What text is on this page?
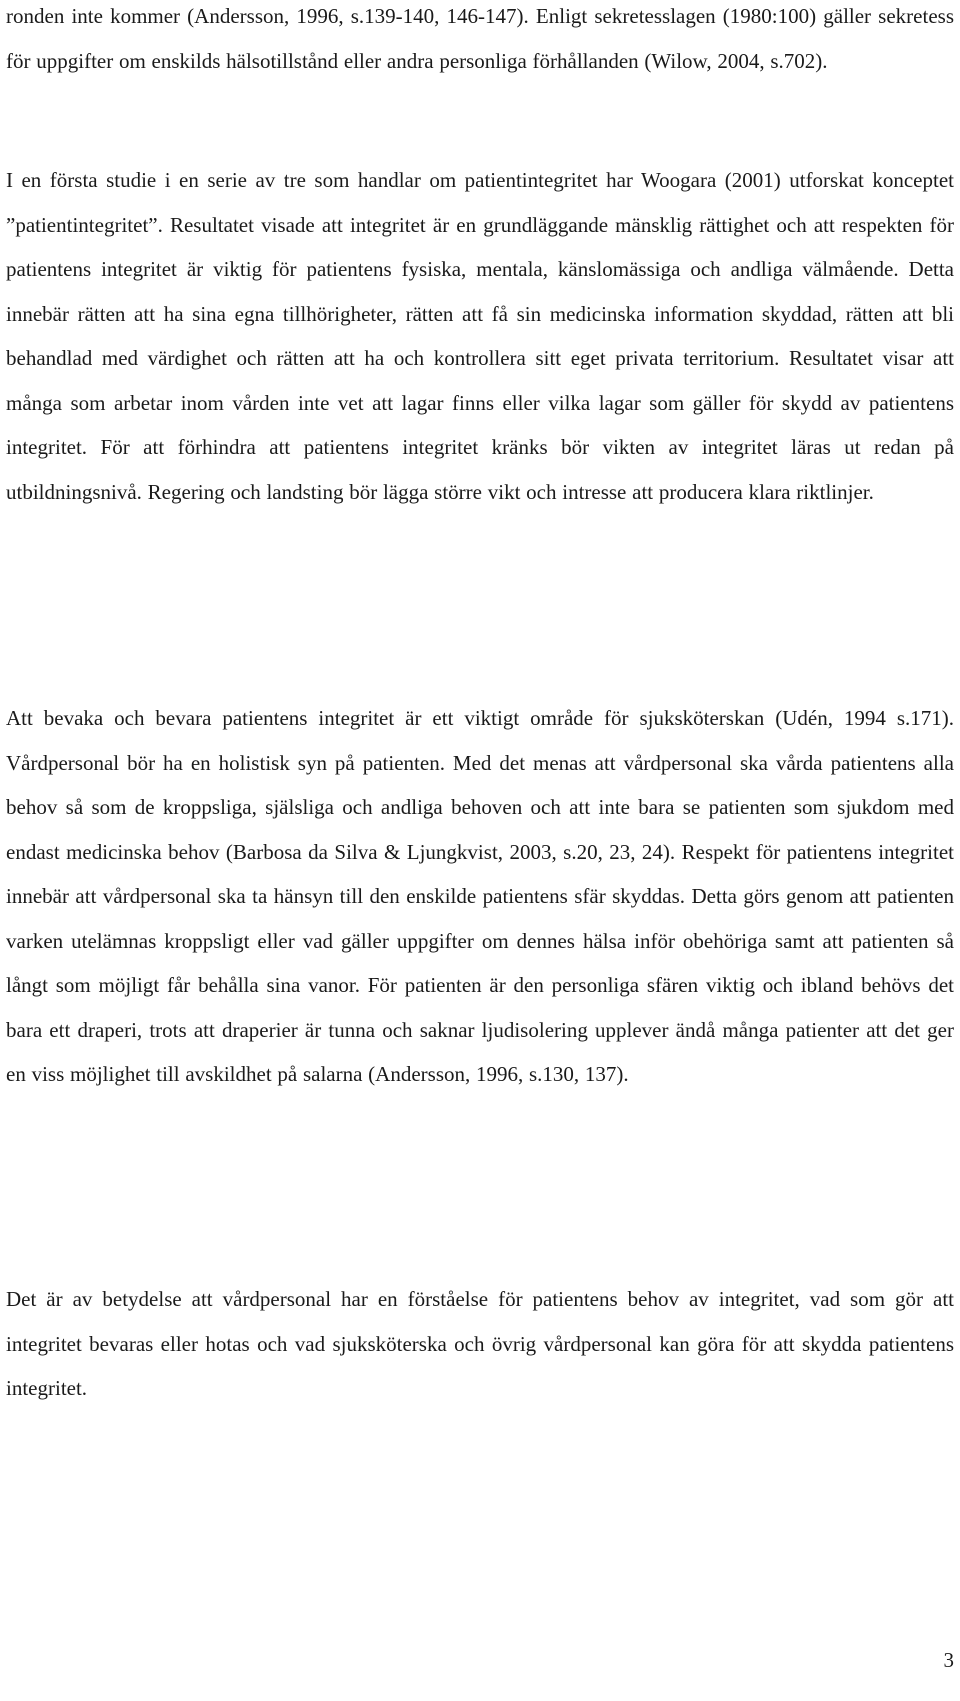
ronden inte kommer (Andersson, 1996, s.139-140, 146-147). Enligt sekretesslagen (1980:100) gäller sekretess för uppgifter om enskilds hälsotillstånd eller andra personliga förhållanden (Wilow, 2004, s.702).

I en första studie i en serie av tre som handlar om patientintegritet har Woogara (2001) utforskat konceptet ”patientintegritet”. Resultatet visade att integritet är en grundläggande mänsklig rättighet och att respekten för patientens integritet är viktig för patientens fysiska, mentala, känslomässiga och andliga välmående. Detta innebär rätten att ha sina egna tillhörigheter, rätten att få sin medicinska information skyddad, rätten att bli behandlad med värdighet och rätten att ha och kontrollera sitt eget privata territorium. Resultatet visar att många som arbetar inom vården inte vet att lagar finns eller vilka lagar som gäller för skydd av patientens integritet. För att förhindra att patientens integritet kränks bör vikten av integritet läras ut redan på utbildningsnivå. Regering och landsting bör lägga större vikt och intresse att producera klara riktlinjer.

Att bevaka och bevara patientens integritet är ett viktigt område för sjuksköterskan (Udén, 1994 s.171). Vårdpersonal bör ha en holistisk syn på patienten. Med det menas att vårdpersonal ska vårda patientens alla behov så som de kroppsliga, själsliga och andliga behoven och att inte bara se patienten som sjukdom med endast medicinska behov (Barbosa da Silva & Ljungkvist, 2003, s.20, 23, 24). Respekt för patientens integritet innebär att vårdpersonal ska ta hänsyn till den enskilde patientens sfär skyddas. Detta görs genom att patienten varken utelämnas kroppsligt eller vad gäller uppgifter om dennes hälsa inför obehöriga samt att patienten så långt som möjligt får behålla sina vanor. För patienten är den personliga sfären viktig och ibland behövs det bara ett draperi, trots att draperier är tunna och saknar ljudisolering upplever ändå många patienter att det ger en viss möjlighet till avskildhet på salarna (Andersson, 1996, s.130, 137).

Det är av betydelse att vårdpersonal har en förståelse för patientens behov av integritet, vad som gör att integritet bevaras eller hotas och vad sjuksköterska och övrig vårdpersonal kan göra för att skydda patientens integritet.

3
